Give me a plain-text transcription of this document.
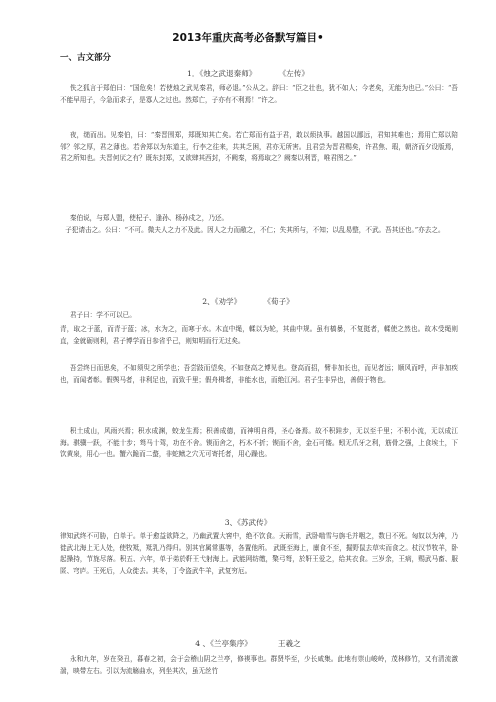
2013年重庆高考必备默写篇目•
一、古文部分
1．《烛之武退秦师》	《左传》

佚之狐言于郑伯曰：“国危矣！若使烛之武见秦君，师必退。”公从之。辞曰：“臣之壮也，犹不如人；今老矣，无能为也已。”公曰：“吾不能早用子，今急而求子，是寡人之过也。然郑亡，子亦有不利焉！”许之。

夜，缒而出。见秦伯，曰：“秦晋围郑，郑既知其亡矣。若亡郑而有益于君，敢以烦执事。越国以鄙远，君知其难也；焉用亡郑以陪邻？邻之厚，君之薄也。若舍郑以为东道主，行李之往来，共其乏困，君亦无所害。且君尝为晋君赐矣，许君焦、瑕，朝济而夕设版焉，君之所知也。夫晋何厌之有？既东封郑，又欲肆其西封，不阙秦，将焉取之？阙秦以利晋，唯君图之。”

秦伯说，与郑人盟，使杞子、逢孙、杨孙戍之，乃还。

子犯请击之。公曰：“不可。微夫人之力不及此。因人之力而敝之，不仁；失其所与，不知；以乱易整，不武。吾其还也。”亦去之。

2、《劝学》	《荀子》

君子曰：学不可以已。

青，取之于蓝，而青于蓝；冰，水为之，而寒于水。木直中绳，輮以为轮，其曲中规。虽有槁暴，不复挺者，輮使之然也。故木受绳则直，金就砺则利，君子博学而日参省乎己，则知明而行无过矣。

吾尝终日而思矣，不如须臾之所学也；吾尝跂而望矣，不如登高之博见也。登高而招，臂非加长也，而见者远；顺风而呼，声非加疾也，而闻者彰。假舆马者，非利足也，而致千里；假舟楫者，非能水也，而绝江河。君子生非异也，善假于物也。

积土成山，风雨兴焉；积水成渊，蛟龙生焉；积善成德，而神明自得，圣心备焉。故不积跬步，无以至千里；不积小流，无以成江海。骐骥一跃，不能十步；驽马十驾，功在不舍。锲而舍之，朽木不折；锲而不舍，金石可镂。蚓无爪牙之利，筋骨之强，上食埃土，下饮黄泉，用心一也。蟹六跪而二螯，非蛇鳝之穴无可寄托者，用心躁也。

3、《苏武传》

律知武终不可胁，白单于。单于愈益欲降之，乃幽武置大窖中，绝不饮食。天雨雪，武卧啮雪与旃毛并咽之，数日不死。匈奴以为神，乃徙武北海上无人处，使牧羝，羝乳乃得归。别其官属常惠等，各置他所。 武既至海上，廪食不至，掘野鼠去草实而食之。杖汉节牧羊，卧起操持，节旄尽落。积五、六年，单于弟於靬王弋射海上。武能网纺缴，檠弓弩，於靬王爱之，给其衣食。三岁余，王病，赐武马畜、服匿、穹庐。王死后，人众徙去。其冬，丁令盗武牛羊，武复穷厄。

4 、《兰亭集序》	王羲之

永和九年，岁在癸丑，暮春之初，会于会稽山阴之兰亭，修禊事也。群贤毕至，少长咸集。此地有崇山峻岭，茂林修竹，又有清流激湍，映带左右。引以为流觞曲水，列坐其次，虽无丝竹
